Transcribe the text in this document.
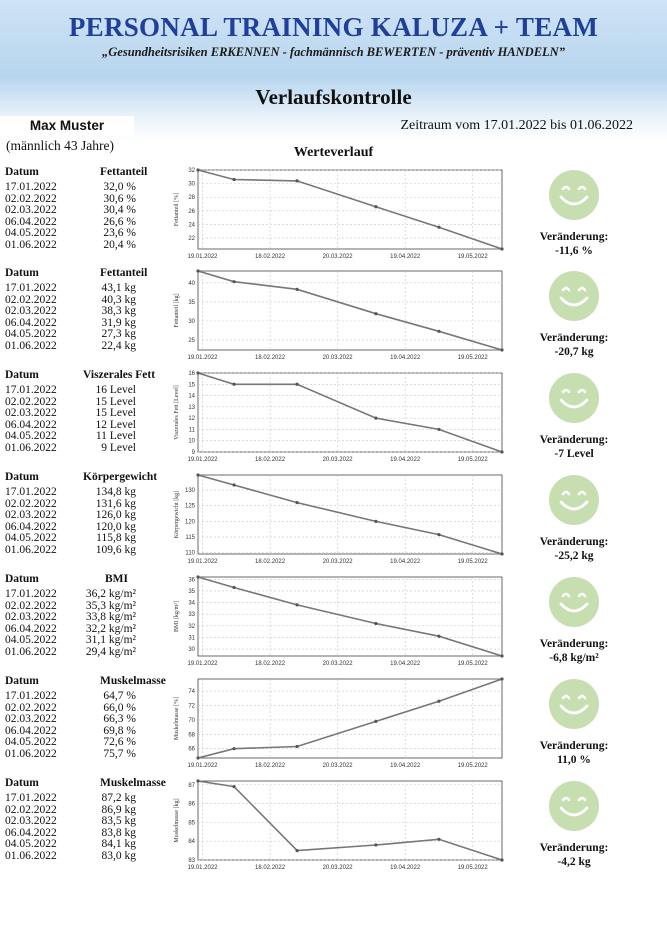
PERSONAL TRAINING KALUZA + TEAM
„Gesundheitsrisiken ERKENNEN - fachmännisch BEWERTEN - präventiv HANDELN”
Verlaufskontrolle
Max Muster	Zeitraum vom 17.01.2022 bis 01.06.2022
(männlich 43 Jahre)	Werteverlauf
Datum	Fettanteil
17.01.2022	32,0 %
02.02.2022	30,6 %
02.03.2022	30,4 %
06.04.2022	26,6 %
04.05.2022	23,6 %
01.06.2022	20,4 %	22
24
26
28
30
32
19.01.2022	18.02.2022	20.03.2022	19.04.2022	19.05.2022
Fettanteil [%]
Veränderung:
-11,6 %
Datum	Fettanteil
17.01.2022	43,1 kg
02.02.2022	40,3 kg
02.03.2022	38,3 kg
06.04.2022	31,9 kg
04.05.2022	27,3 kg
01.06.2022	22,4 kg	25
30
35
40
19.01.2022	18.02.2022	20.03.2022	19.04.2022	19.05.2022
Fettanteil [kg]
Veränderung:
-20,7 kg
Datum	Viszerales Fett
17.01.2022	16 Level
02.02.2022	15 Level
02.03.2022	15 Level
06.04.2022	12 Level
04.05.2022	11 Level
01.06.2022	9 Level	9
10
11
12
13
14
15
16
19.01.2022	18.02.2022	20.03.2022	19.04.2022	19.05.2022
Viszerales Fett [Level]
Veränderung:
-7 Level
Datum	Körpergewicht
17.01.2022	134,8 kg
02.02.2022	131,6 kg
02.03.2022	126,0 kg
06.04.2022	120,0 kg
04.05.2022	115,8 kg
01.06.2022	109,6 kg	110
115
120
125
130
19.01.2022	18.02.2022	20.03.2022	19.04.2022	19.05.2022
Körpergewicht [kg]
Veränderung:
-25,2 kg
Datum	BMI
17.01.2022	36,2 kg/m²
02.02.2022	35,3 kg/m²
02.03.2022	33,8 kg/m²
06.04.2022	32,2 kg/m²
04.05.2022	31,1 kg/m²
01.06.2022	29,4 kg/m²	30
31
32
33
34
35
36
19.01.2022	18.02.2022	20.03.2022	19.04.2022	19.05.2022
BMI [kg/m²]
Veränderung:
-6,8 kg/m²
Datum	Muskelmasse
17.01.2022	64,7 %
02.02.2022	66,0 %
02.03.2022	66,3 %
06.04.2022	69,8 %
04.05.2022	72,6 %
01.06.2022	75,7 %	66
68
70
72
74
19.01.2022	18.02.2022	20.03.2022	19.04.2022	19.05.2022
Muskelmasse [%]
Veränderung:
11,0 %
Datum	Muskelmasse
17.01.2022	87,2 kg
02.02.2022	86,9 kg
02.03.2022	83,5 kg
06.04.2022	83,8 kg
04.05.2022	84,1 kg
01.06.2022	83,0 kg	83
84
85
86
87
19.01.2022	18.02.2022	20.03.2022	19.04.2022	19.05.2022
Muskelmasse [kg]
Veränderung:
-4,2 kg
